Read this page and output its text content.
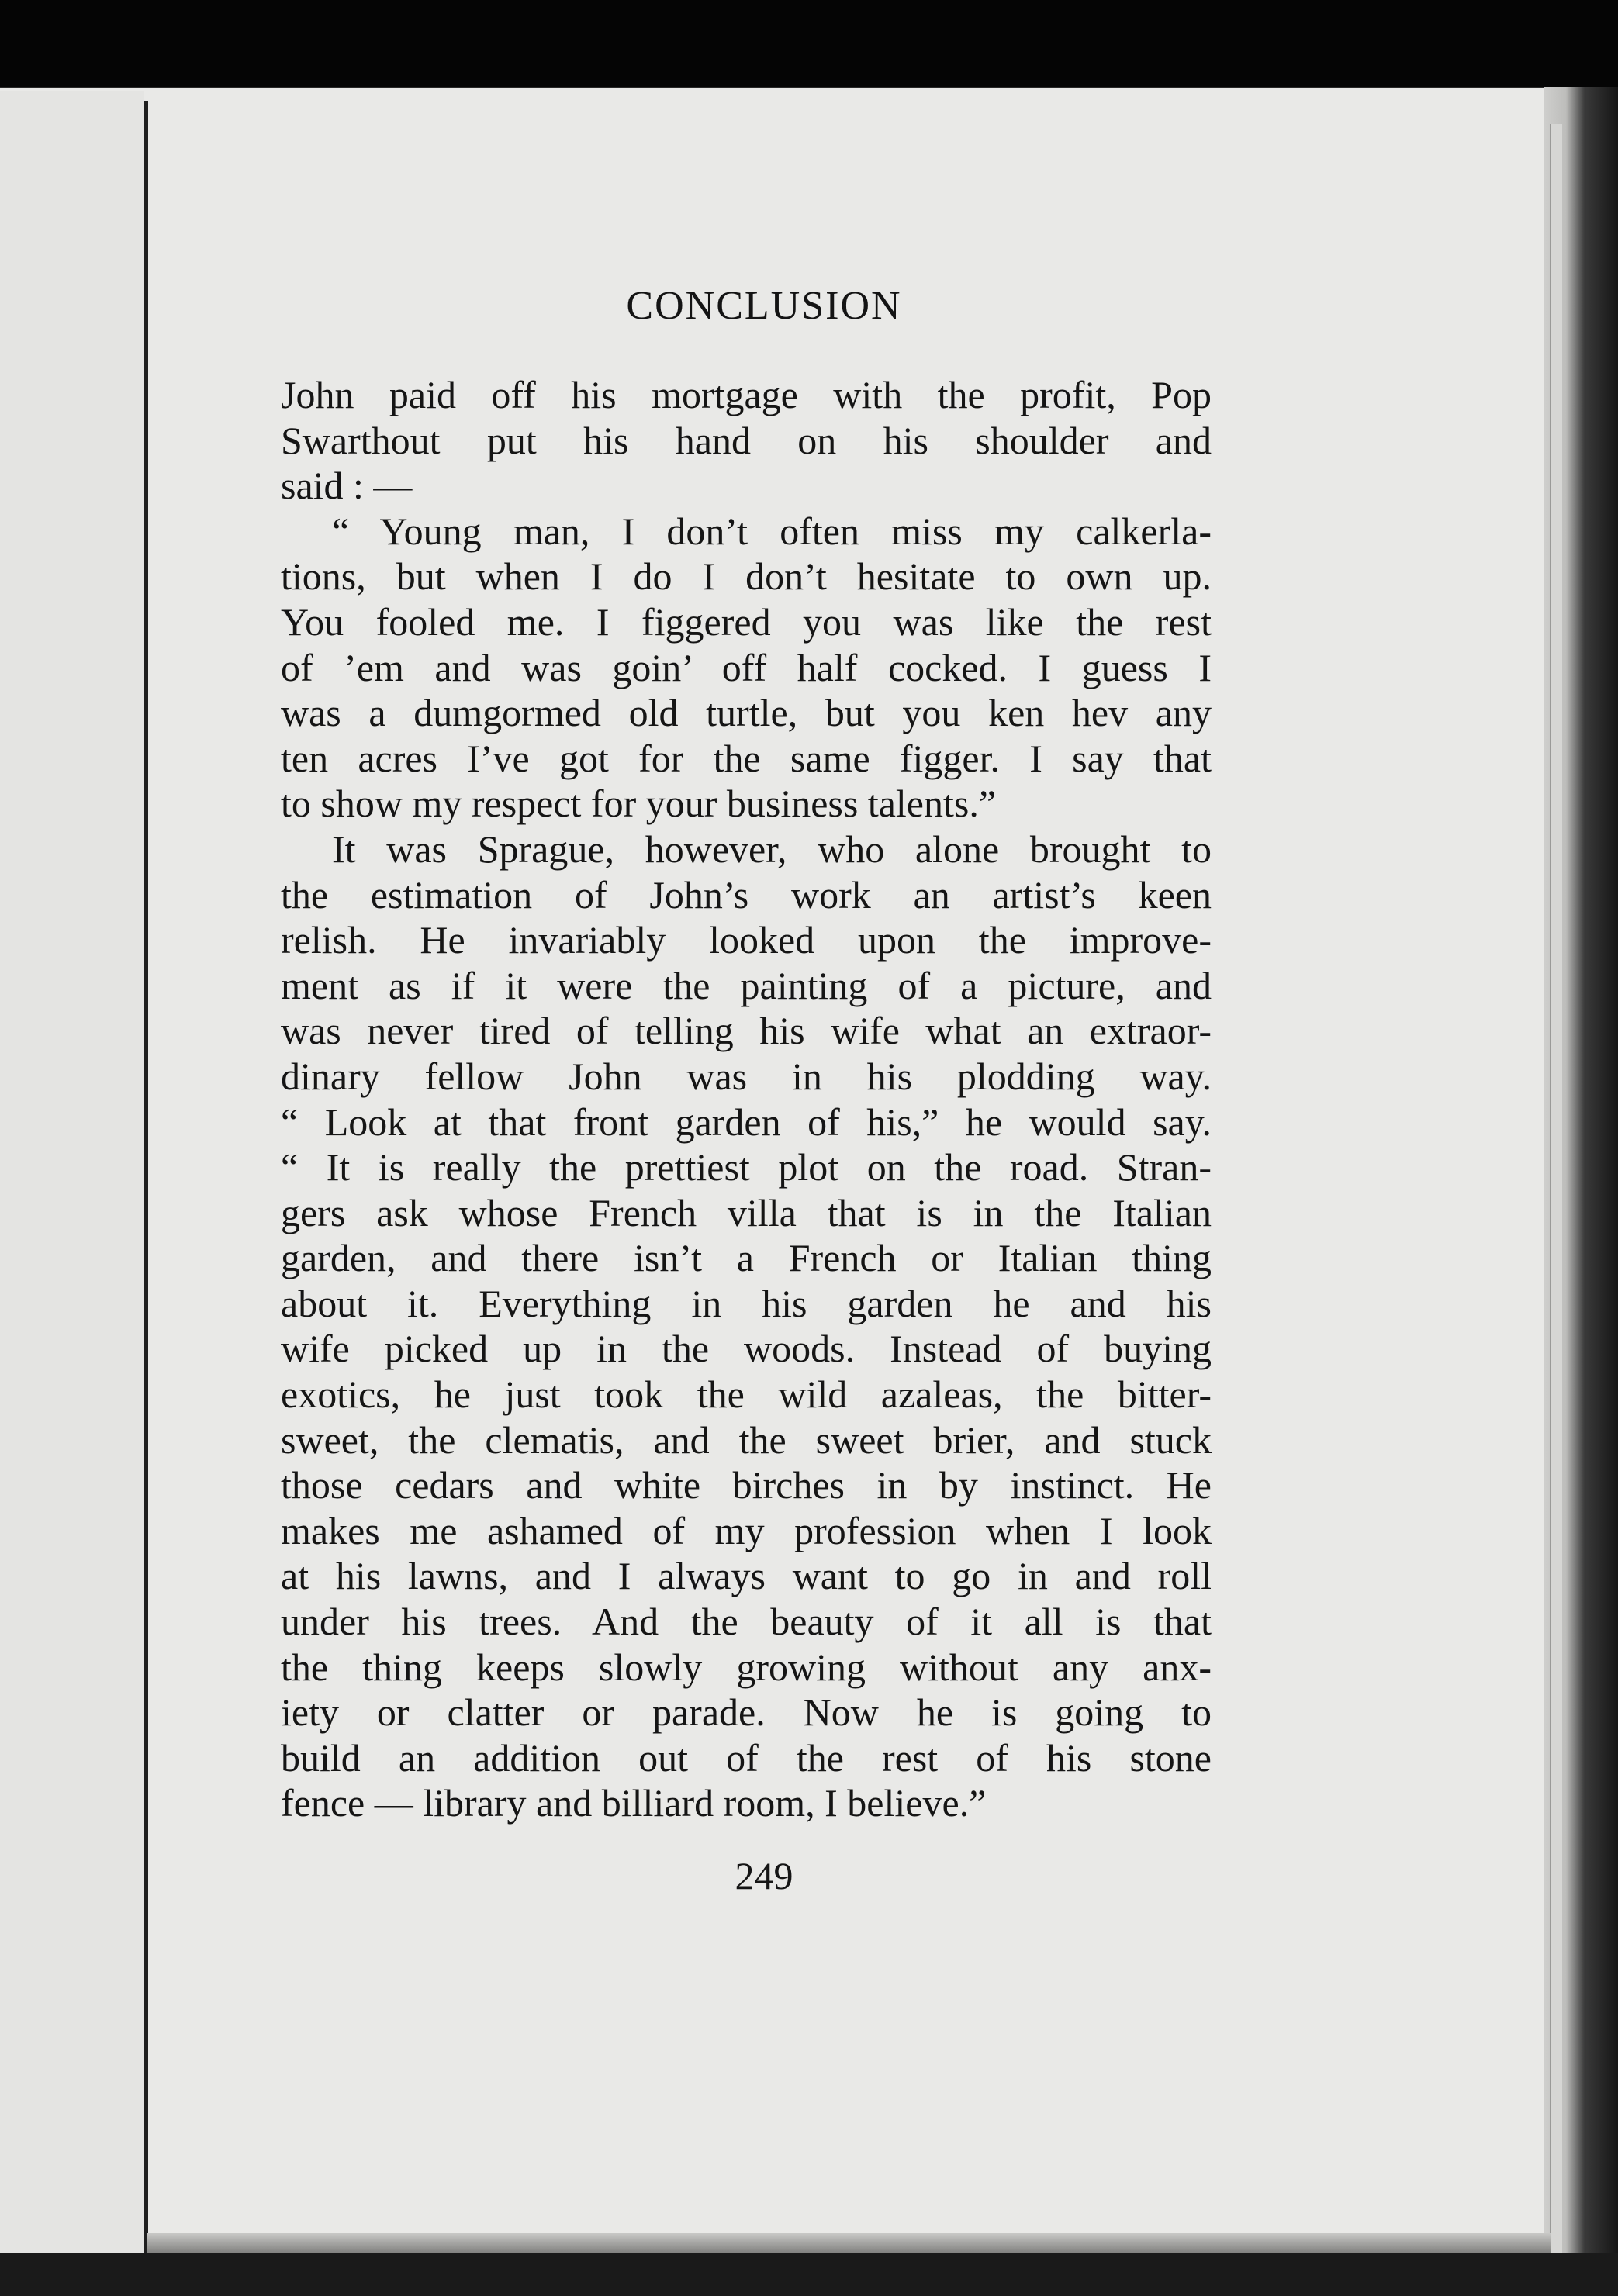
CONCLUSION
John paid off his mortgage with the profit, Pop
Swarthout put his hand on his shoulder and
said : —
“ Young man, I don’t often miss my calkerla-
tions, but when I do I don’t hesitate to own up.
You fooled me. I figgered you was like the rest
of ’em and was goin’ off half cocked. I guess I
was a dumgormed old turtle, but you ken hev any
ten acres I’ve got for the same figger. I say that
to show my respect for your business talents.”
It was Sprague, however, who alone brought to
the estimation of John’s work an artist’s keen
relish. He invariably looked upon the improve-
ment as if it were the painting of a picture, and
was never tired of telling his wife what an extraor-
dinary fellow John was in his plodding way.
“ Look at that front garden of his,” he would say.
“ It is really the prettiest plot on the road. Stran-
gers ask whose French villa that is in the Italian
garden, and there isn’t a French or Italian thing
about it. Everything in his garden he and his
wife picked up in the woods. Instead of buying
exotics, he just took the wild azaleas, the bitter-
sweet, the clematis, and the sweet brier, and stuck
those cedars and white birches in by instinct. He
makes me ashamed of my profession when I look
at his lawns, and I always want to go in and roll
under his trees. And the beauty of it all is that
the thing keeps slowly growing without any anx-
iety or clatter or parade. Now he is going to
build an addition out of the rest of his stone
fence — library and billiard room, I believe.”
249
